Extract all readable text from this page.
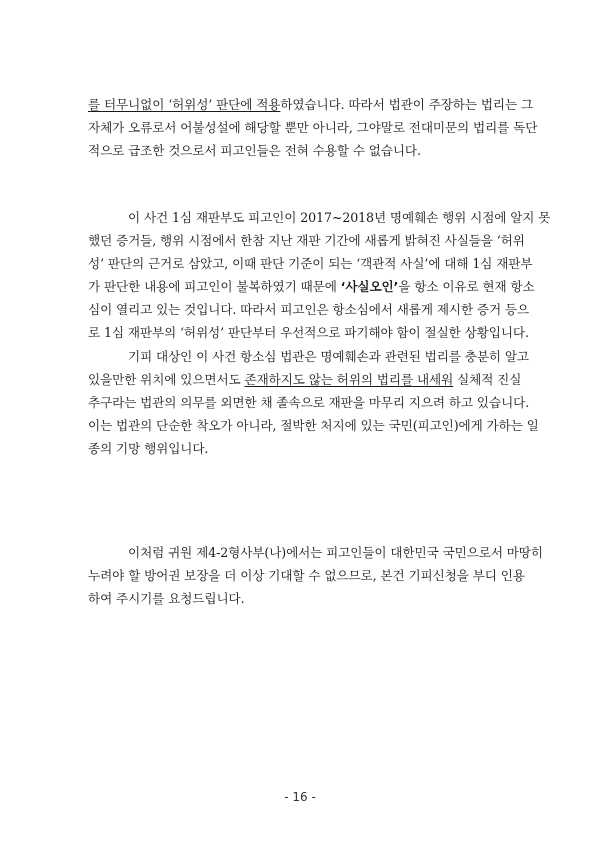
를 터무니없이 ‘허위성’ 판단에 적용하였습니다. 따라서 법관이 주장하는 법리는 그
자체가 오류로서 어불성설에 해당할 뿐만 아니라, 그야말로 전대미문의 법리를 독단
적으로 급조한 것으로서 피고인들은 전혀 수용할 수 없습니다.
이 사건 1심 재판부도 피고인이 2017~2018년 명예훼손 행위 시점에 알지 못
했던 증거들, 행위 시점에서 한참 지난 재판 기간에 새롭게 밝혀진 사실들을 ‘허위
성’ 판단의 근거로 삼았고, 이때 판단 기준이 되는 ‘객관적 사실’에 대해 1심 재판부
가 판단한 내용에 피고인이 불복하였기 때문에 ‘사실오인’을 항소 이유로 현재 항소
심이 열리고 있는 것입니다. 따라서 피고인은 항소심에서 새롭게 제시한 증거 등으
로 1심 재판부의 ‘허위성’ 판단부터 우선적으로 파기해야 함이 절실한 상황입니다.
기피 대상인 이 사건 항소심 법관은 명예훼손과 관련된 법리를 충분히 알고
있을만한 위치에 있으면서도 존재하지도 않는 허위의 법리를 내세워 실체적 진실
추구라는 법관의 의무를 외면한 채 졸속으로 재판을 마무리 지으려 하고 있습니다.
이는 법관의 단순한 착오가 아니라, 절박한 처지에 있는 국민(피고인)에게 가하는 일
종의 기망 행위입니다.
이처럼 귀원 제4-2형사부(나)에서는 피고인들이 대한민국 국민으로서 마땅히
누려야 할 방어권 보장을 더 이상 기대할 수 없으므로, 본건 기피신청을 부디 인용
하여 주시기를 요청드립니다.
- 16 -
